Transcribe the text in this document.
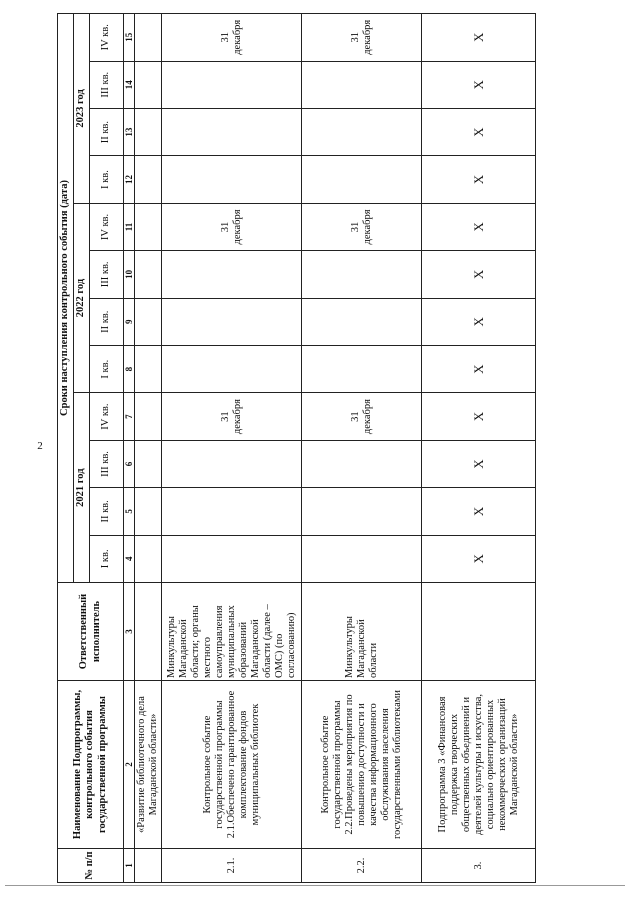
2
№ п/п	Наименование Подпрограммы, контрольного события государственной программы	Ответственный исполнитель	Сроки наступления контрольного события (дата)											
			2021 год				2022 год				2023 год			
			I кв.	II кв.	III кв.	IV кв.	I кв.	II кв.	III кв.	IV кв.	I кв.	II кв.	III кв.	IV кв.
1	2	3	4	5	6	7	8	9	10	11	12	13	14	15
	«Развитие библиотечного дела Магаданской области»													
2.1.	Контрольное событие государственной программы 2.1.Обеспечено гарантированное комплектование фондов муниципальных библиотек	Минкультуры Магаданской области; органы местного самоуправления муниципальных образований Магаданской области (далее – ОМС) (по согласованию)				31 декабря				31 декабря				31 декабря
2.2.	Контрольное событие государственной программы 2.2.Проведены мероприятия по повышению доступности и качества информационного обслуживания населения государственными библиотеками	Минкультуры Магаданской области				31 декабря				31 декабря				31 декабря
3.	Подпрограмма 3 «Финансовая поддержка творческих общественных объединений и деятелей культуры и искусства, социально ориентированных некоммерческих организаций Магаданской области»		X	X	X	X	X	X	X	X	X	X	X	X
